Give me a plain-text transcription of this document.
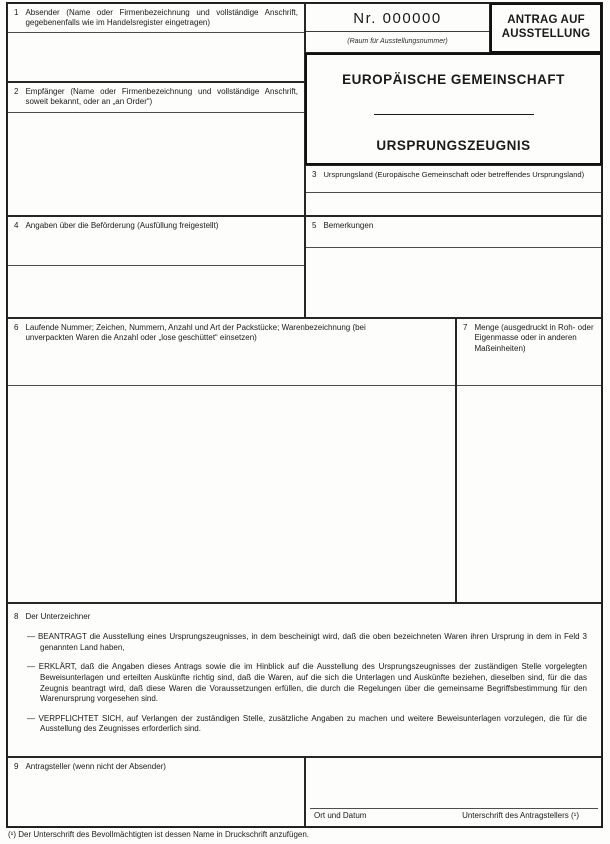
1 Absender (Name oder Firmenbezeichnung und vollständige Anschrift, gegebenenfalls wie im Handelsregister eingetragen)
2 Empfänger (Name oder Firmenbezeichnung und vollständige Anschrift, soweit bekannt, oder an „an Order“)
Nr. 000000
(Raum für Ausstellungsnummer)
ANTRAG AUF AUSSTELLUNG
EUROPÄISCHE GEMEINSCHAFT
URSPRUNGSZEUGNIS
3 Ursprungsland (Europäische Gemeinschaft oder betreffendes Ursprungsland)
4 Angaben über die Beförderung (Ausfüllung freigestellt)	5 Bemerkungen
6 Laufende Nummer; Zeichen, Nummern, Anzahl und Art der Packstücke; Warenbezeichnung (bei unverpackten Waren die Anzahl oder „lose geschüttet“ einsetzen)
7 Menge (ausgedruckt in Roh- oder Eigenmasse oder in anderen Maßeinheiten)
8 Der Unterzeichner

— BEANTRAGT die Ausstellung eines Ursprungszeugnisses, in dem bescheinigt wird, daß die oben bezeichneten Waren ihren Ursprung in dem in Feld 3 genannten Land haben,

— ERKLÄRT, daß die Angaben dieses Antrags sowie die im Hinblick auf die Ausstellung des Ursprungszeugnisses der zuständigen Stelle vorgelegten Beweisunterlagen und erteilten Auskünfte richtig sind, daß die Waren, auf die sich die Unterlagen und Auskünfte beziehen, dieselben sind, für die das Zeugnis beantragt wird, daß diese Waren die Voraussetzungen erfüllen, die durch die Regelungen über die gemeinsame Begriffsbestimmung für den Warenursprung vorgesehen sind.

— VERPFLICHTET SICH, auf Verlangen der zuständigen Stelle, zusätzliche Angaben zu machen und weitere Beweisunterlagen vorzulegen, die für die Ausstellung des Zeugnisses erforderlich sind.

9 Antragsteller (wenn nicht der Absender)
Ort und Datum	Unterschrift des Antragstellers (¹)
(¹) Der Unterschrift des Bevollmächtigten ist dessen Name in Druckschrift anzufügen.
